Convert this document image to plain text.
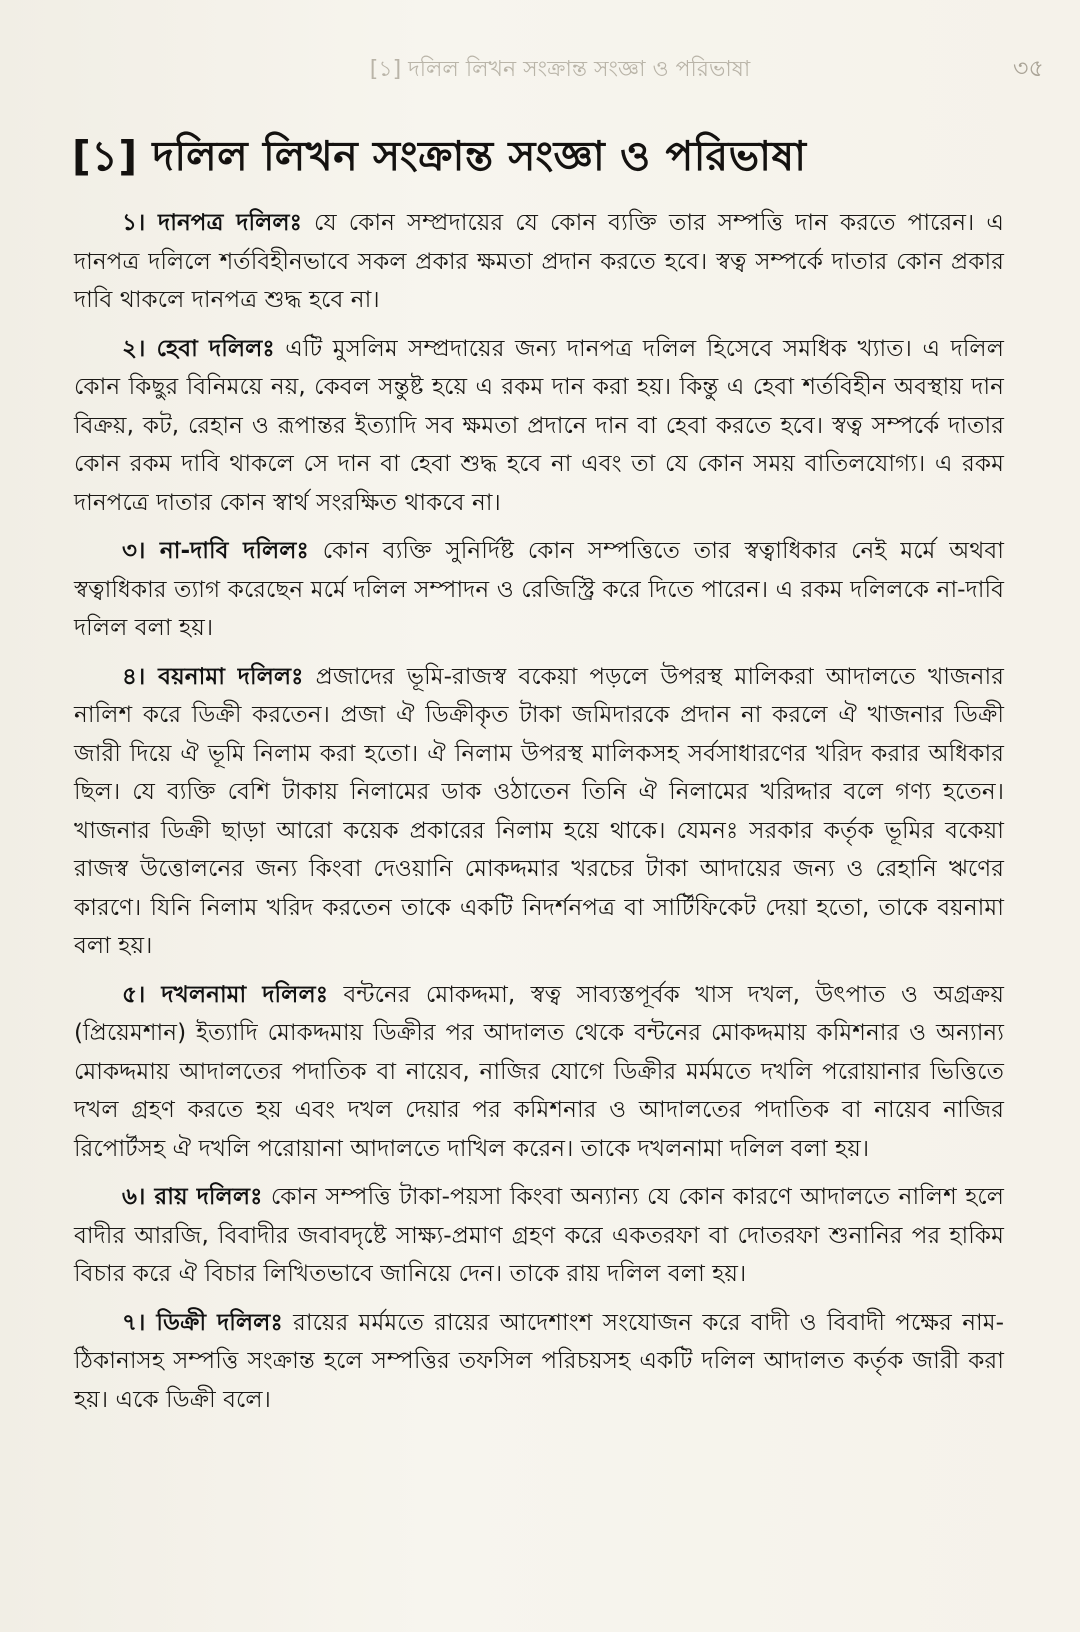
[১] দলিল লিখন সংক্রান্ত সংজ্ঞা ও পরিভাষা	৩৫
[১] দলিল লিখন সংক্রান্ত সংজ্ঞা ও পরিভাষা

১। দানপত্র দলিলঃ যে কোন সম্প্রদায়ের যে কোন ব্যক্তি তার সম্পত্তি দান করতে পারেন। এ দানপত্র দলিলে শর্তবিহীনভাবে সকল প্রকার ক্ষমতা প্রদান করতে হবে। স্বত্ব সম্পর্কে দাতার কোন প্রকার দাবি থাকলে দানপত্র শুদ্ধ হবে না।

২। হেবা দলিলঃ এটি মুসলিম সম্প্রদায়ের জন্য দানপত্র দলিল হিসেবে সমধিক খ্যাত। এ দলিল কোন কিছুর বিনিময়ে নয়, কেবল সন্তুষ্ট হয়ে এ রকম দান করা হয়। কিন্তু এ হেবা শর্তবিহীন অবস্থায় দান বিক্রয়, কট, রেহান ও রূপান্তর ইত্যাদি সব ক্ষমতা প্রদানে দান বা হেবা করতে হবে। স্বত্ব সম্পর্কে দাতার কোন রকম দাবি থাকলে সে দান বা হেবা শুদ্ধ হবে না এবং তা যে কোন সময় বাতিলযোগ্য। এ রকম দানপত্রে দাতার কোন স্বার্থ সংরক্ষিত থাকবে না।

৩। না-দাবি দলিলঃ কোন ব্যক্তি সুনির্দিষ্ট কোন সম্পত্তিতে তার স্বত্বাধিকার নেই মর্মে অথবা স্বত্বাধিকার ত্যাগ করেছেন মর্মে দলিল সম্পাদন ও রেজিস্ট্রি করে দিতে পারেন। এ রকম দলিলকে না-দাবি দলিল বলা হয়।

৪। বয়নামা দলিলঃ প্রজাদের ভূমি-রাজস্ব বকেয়া পড়লে উপরস্থ মালিকরা আদালতে খাজনার নালিশ করে ডিক্রী করতেন। প্রজা ঐ ডিক্রীকৃত টাকা জমিদারকে প্রদান না করলে ঐ খাজনার ডিক্রী জারী দিয়ে ঐ ভূমি নিলাম করা হতো। ঐ নিলাম উপরস্থ মালিকসহ সর্বসাধারণের খরিদ করার অধিকার ছিল। যে ব্যক্তি বেশি টাকায় নিলামের ডাক ওঠাতেন তিনি ঐ নিলামের খরিদ্দার বলে গণ্য হতেন। খাজনার ডিক্রী ছাড়া আরো কয়েক প্রকারের নিলাম হয়ে থাকে। যেমনঃ সরকার কর্তৃক ভূমির বকেয়া রাজস্ব উত্তোলনের জন্য কিংবা দেওয়ানি মোকদ্দমার খরচের টাকা আদায়ের জন্য ও রেহানি ঋণের কারণে। যিনি নিলাম খরিদ করতেন তাকে একটি নিদর্শনপত্র বা সার্টিফিকেট দেয়া হতো, তাকে বয়নামা বলা হয়।

৫। দখলনামা দলিলঃ বন্টনের মোকদ্দমা, স্বত্ব সাব্যস্তপূর্বক খাস দখল, উৎপাত ও অগ্রক্রয় (প্রিয়েমশান) ইত্যাদি মোকদ্দমায় ডিক্রীর পর আদালত থেকে বন্টনের মোকদ্দমায় কমিশনার ও অন্যান্য মোকদ্দমায় আদালতের পদাতিক বা নায়েব, নাজির যোগে ডিক্রীর মর্মমতে দখলি পরোয়ানার ভিত্তিতে দখল গ্রহণ করতে হয় এবং দখল দেয়ার পর কমিশনার ও আদালতের পদাতিক বা নায়েব নাজির রিপোর্টসহ ঐ দখলি পরোয়ানা আদালতে দাখিল করেন। তাকে দখলনামা দলিল বলা হয়।

৬। রায় দলিলঃ কোন সম্পত্তি টাকা-পয়সা কিংবা অন্যান্য যে কোন কারণে আদালতে নালিশ হলে বাদীর আরজি, বিবাদীর জবাবদৃষ্টে সাক্ষ্য-প্রমাণ গ্রহণ করে একতরফা বা দোতরফা শুনানির পর হাকিম বিচার করে ঐ বিচার লিখিতভাবে জানিয়ে দেন। তাকে রায় দলিল বলা হয়।

৭। ডিক্রী দলিলঃ রায়ের মর্মমতে রায়ের আদেশাংশ সংযোজন করে বাদী ও বিবাদী পক্ষের নাম-ঠিকানাসহ সম্পত্তি সংক্রান্ত হলে সম্পত্তির তফসিল পরিচয়সহ একটি দলিল আদালত কর্তৃক জারী করা হয়। একে ডিক্রী বলে।
